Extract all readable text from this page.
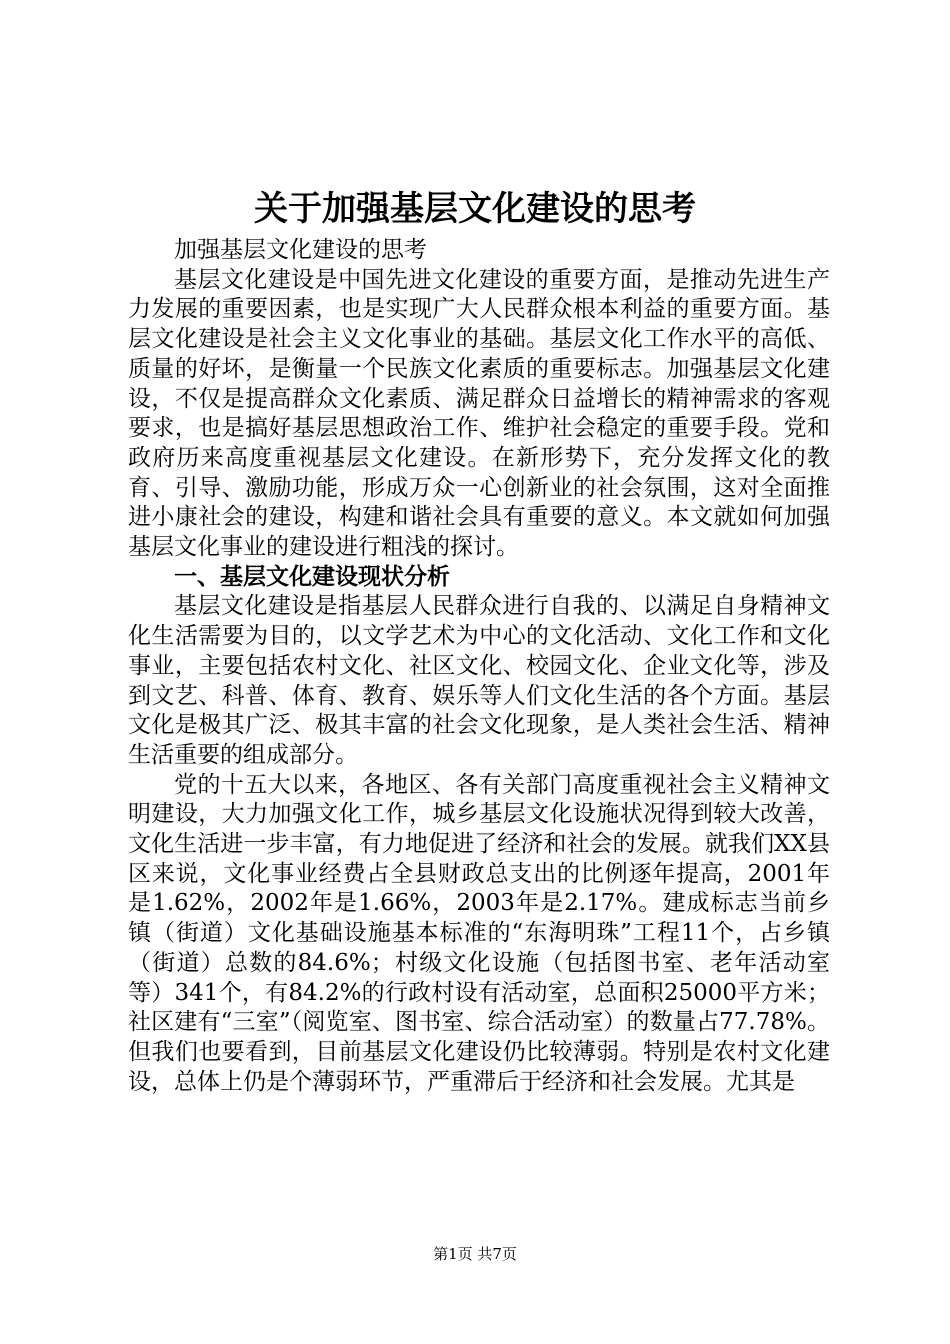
关于加强基层文化建设的思考

加强基层文化建设的思考

基层文化建设是中国先进文化建设的重要方面，是推动先进生产力发展的重要因素，也是实现广大人民群众根本利益的重要方面。基层文化建设是社会主义文化事业的基础。基层文化工作水平的高低、质量的好坏，是衡量一个民族文化素质的重要标志。加强基层文化建设，不仅是提高群众文化素质、满足群众日益增长的精神需求的客观要求，也是搞好基层思想政治工作、维护社会稳定的重要手段。党和政府历来高度重视基层文化建设。在新形势下，充分发挥文化的教育、引导、激励功能，形成万众一心创新业的社会氛围，这对全面推进小康社会的建设，构建和谐社会具有重要的意义。本文就如何加强基层文化事业的建设进行粗浅的探讨。

一、基层文化建设现状分析

基层文化建设是指基层人民群众进行自我的、以满足自身精神文化生活需要为目的，以文学艺术为中心的文化活动、文化工作和文化事业，主要包括农村文化、社区文化、校园文化、企业文化等，涉及到文艺、科普、体育、教育、娱乐等人们文化生活的各个方面。基层文化是极其广泛、极其丰富的社会文化现象，是人类社会生活、精神生活重要的组成部分。

党的十五大以来，各地区、各有关部门高度重视社会主义精神文明建设，大力加强文化工作，城乡基层文化设施状况得到较大改善，文化生活进一步丰富，有力地促进了经济和社会的发展。就我们XX县区来说，文化事业经费占全县财政总支出的比例逐年提高，2001年是1.62%，2002年是1.66%，2003年是2.17%。建成标志当前乡镇（街道）文化基础设施基本标准的“东海明珠”工程11个，占乡镇（街道）总数的84.6%；村级文化设施（包括图书室、老年活动室等）341个，有84.2%的行政村设有活动室，总面积25000平方米；社区建有“三室”（阅览室、图书室、综合活动室）的数量占77.78%。但我们也要看到，目前基层文化建设仍比较薄弱。特别是农村文化建设，总体上仍是个薄弱环节，严重滞后于经济和社会发展。尤其是

第1页 共7页
